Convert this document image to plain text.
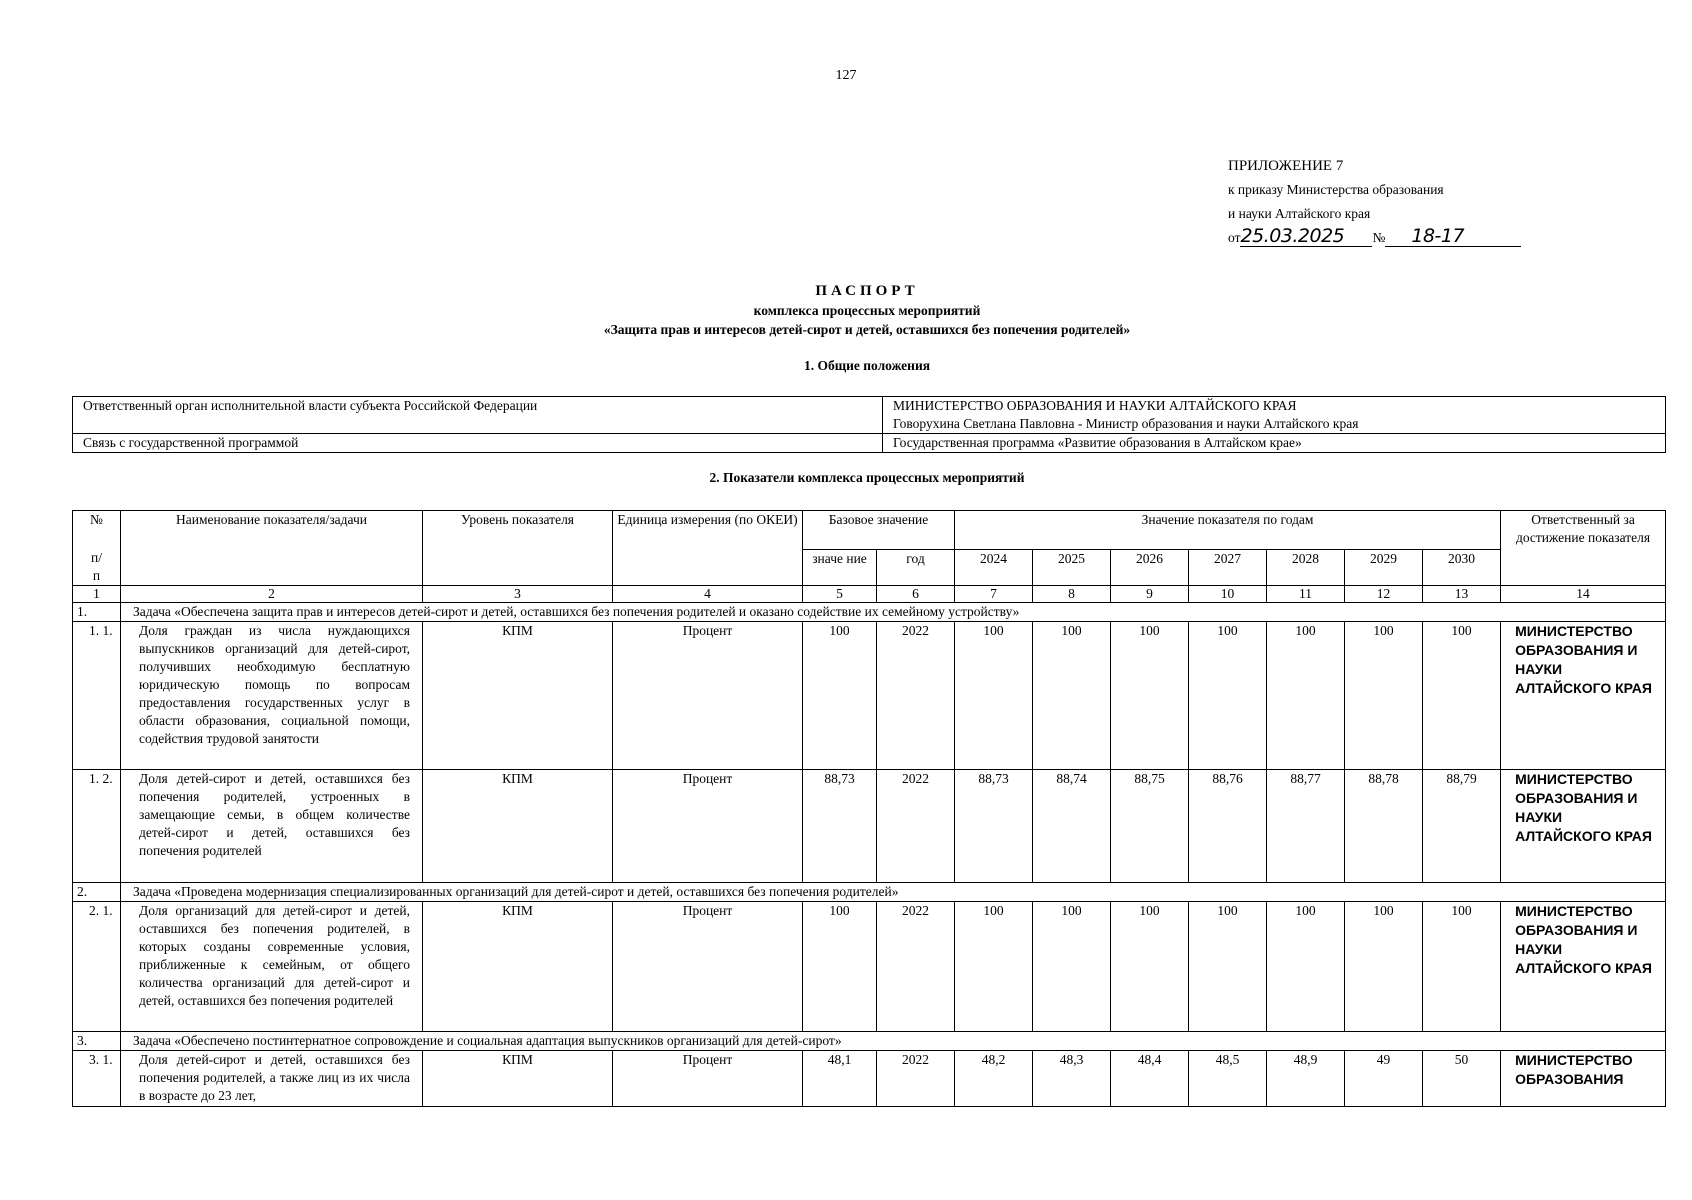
127
ПРИЛОЖЕНИЕ 7
к приказу Министерства образования
и науки Алтайского края
от25.03.2025 № 18-17
ПАСПОРТ
комплекса процессных мероприятий
«Защита прав и интересов детей-сирот и детей, оставшихся без попечения родителей»
1. Общие положения
Ответственный орган исполнительной власти субъекта Российской Федерации	МИНИСТЕРСТВО ОБРАЗОВАНИЯ И НАУКИ АЛТАЙСКОГО КРАЯ
Говорухина Светлана Павловна - Министр образования и науки Алтайского края

Связь с государственной программой	Государственная программа «Развитие образования в Алтайском крае»
2. Показатели комплекса процессных мероприятий
№
п/
п	Наименование показателя/задачи	Уровень показателя	Единица измерения (по ОКЕИ)	Базовое значение		Значение показателя по годам							Ответственный за достижение показателя
				значе ние	год	2024	2025	2026	2027	2028	2029	2030	
1	2	3	4	5	6	7	8	9	10	11	12	13	14
1.	Задача «Обеспечена защита прав и интересов детей-сирот и детей, оставшихся без попечения родителей и оказано содействие их семейному устройству»												
1. 1.	Доля граждан из числа нуждающихся выпускников организаций для детей-сирот, получивших необходимую бесплатную юридическую помощь по вопросам предоставления государственных услуг в области образования, социальной помощи, содействия трудовой занятости	КПМ	Процент	100	2022	100	100	100	100	100	100	100	МИНИСТЕРСТВО ОБРАЗОВАНИЯ И НАУКИ АЛТАЙСКОГО КРАЯ
1. 2.	Доля детей-сирот и детей, оставшихся без попечения родителей, устроенных в замещающие семьи, в общем количестве детей-сирот и детей, оставшихся без попечения родителей	КПМ	Процент	88,73	2022	88,73	88,74	88,75	88,76	88,77	88,78	88,79	МИНИСТЕРСТВО ОБРАЗОВАНИЯ И НАУКИ АЛТАЙСКОГО КРАЯ
2.	Задача «Проведена модернизация специализированных организаций для детей-сирот и детей, оставшихся без попечения родителей»												
2. 1.	Доля организаций для детей-сирот и детей, оставшихся без попечения родителей, в которых созданы современные условия, приближенные к семейным, от общего количества организаций для детей-сирот и детей, оставшихся без попечения родителей	КПМ	Процент	100	2022	100	100	100	100	100	100	100	МИНИСТЕРСТВО ОБРАЗОВАНИЯ И НАУКИ АЛТАЙСКОГО КРАЯ
3.	Задача «Обеспечено постинтернатное сопровождение и социальная адаптация выпускников организаций для детей-сирот»												
3. 1.	Доля детей-сирот и детей, оставшихся без попечения родителей, а также лиц из их числа в возрасте до 23 лет,	КПМ	Процент	48,1	2022	48,2	48,3	48,4	48,5	48,9	49	50	МИНИСТЕРСТВО ОБРАЗОВАНИЯ
